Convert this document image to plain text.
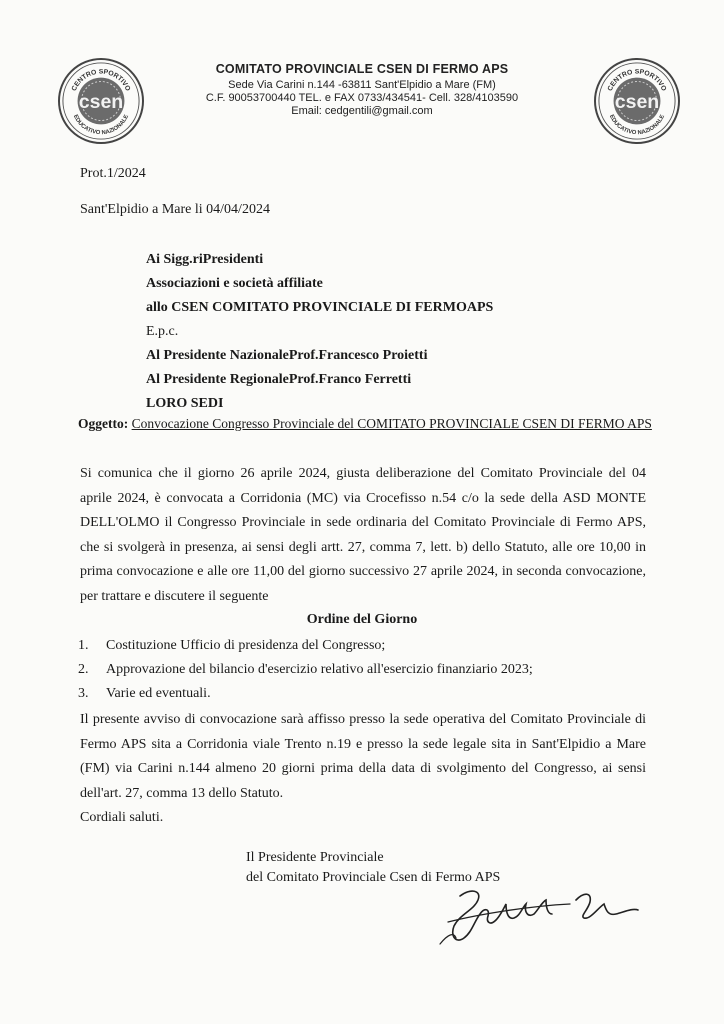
CENTRO SPORTIVO
EDUCATIVO NAZIONALE
csen
CENTRO SPORTIVO
EDUCATIVO NAZIONALE
csen
COMITATO PROVINCIALE CSEN DI FERMO APS
Sede Via Carini n.144 -63811 Sant'Elpidio a Mare (FM)
C.F. 90053700440 TEL. e FAX 0733/434541- Cell. 328/4103590
Email: cedgentili@gmail.com
Prot.1/2024
Sant'Elpidio a Mare li 04/04/2024
Ai Sigg.riPresidenti
Associazioni e società affiliate
allo CSEN COMITATO PROVINCIALE DI FERMOAPS
E.p.c.
Al Presidente NazionaleProf.Francesco Proietti
Al Presidente RegionaleProf.Franco Ferretti
LORO SEDI
Oggetto: Convocazione Congresso Provinciale del COMITATO PROVINCIALE CSEN DI FERMO APS
Si comunica che il giorno 26 aprile 2024, giusta deliberazione del Comitato Provinciale del 04
aprile 2024, è convocata a Corridonia (MC) via Crocefisso n.54 c/o la sede della ASD MONTE
DELL'OLMO il Congresso Provinciale in sede ordinaria del Comitato Provinciale di Fermo APS,
che si svolgerà in presenza, ai sensi degli artt. 27, comma 7, lett. b) dello Statuto, alle ore 10,00 in
prima convocazione e alle ore 11,00 del giorno successivo 27 aprile 2024, in seconda convocazione,
per trattare e discutere il seguente
Ordine del Giorno
1. Costituzione Ufficio di presidenza del Congresso;
2. Approvazione del bilancio d'esercizio relativo all'esercizio finanziario 2023;
3. Varie ed eventuali.
Il presente avviso di convocazione sarà affisso presso la sede operativa del Comitato Provinciale di
Fermo APS sita a Corridonia viale Trento n.19 e presso la sede legale sita in Sant'Elpidio a Mare
(FM) via Carini n.144 almeno 20 giorni prima della data di svolgimento del Congresso, ai sensi
dell'art. 27, comma 13 dello Statuto.
Cordiali saluti.
Il Presidente Provinciale
del Comitato Provinciale Csen di Fermo APS
